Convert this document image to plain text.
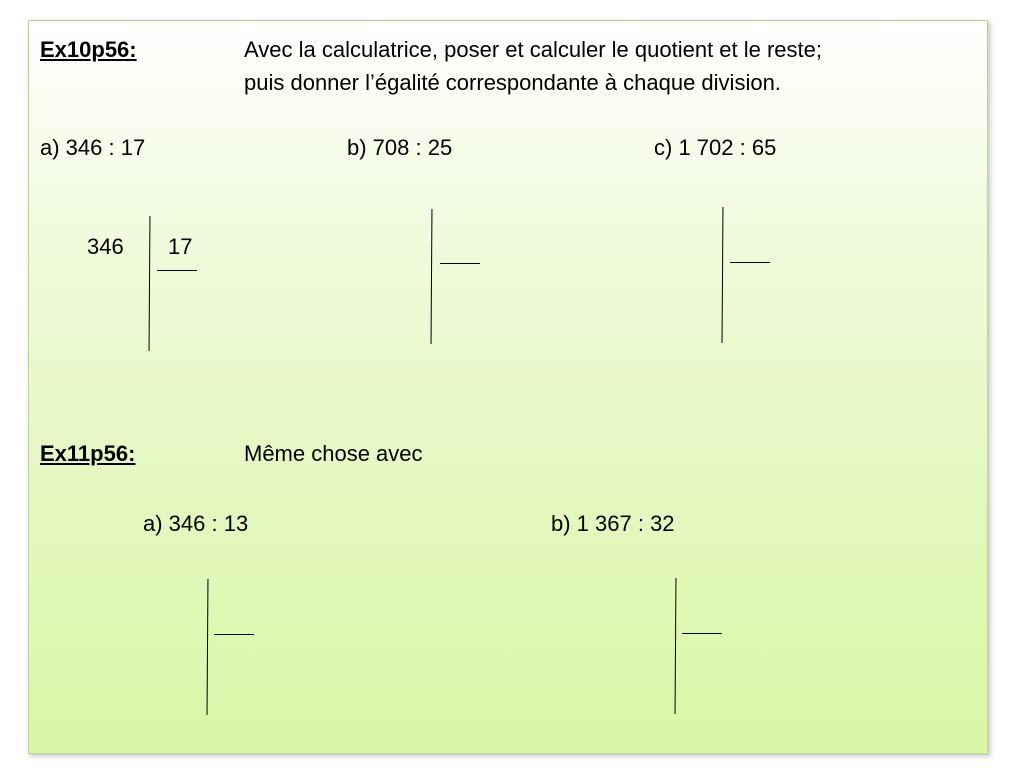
Ex10p56:	Avec la calculatrice, poser et calculer le quotient et le reste;
puis donner l’égalité correspondante à chaque division.
a) 346 : 17	b) 708 : 25	c) 1 702 : 65
346 17
Ex11p56:	Même chose avec
a) 346 : 13	b) 1 367 : 32
